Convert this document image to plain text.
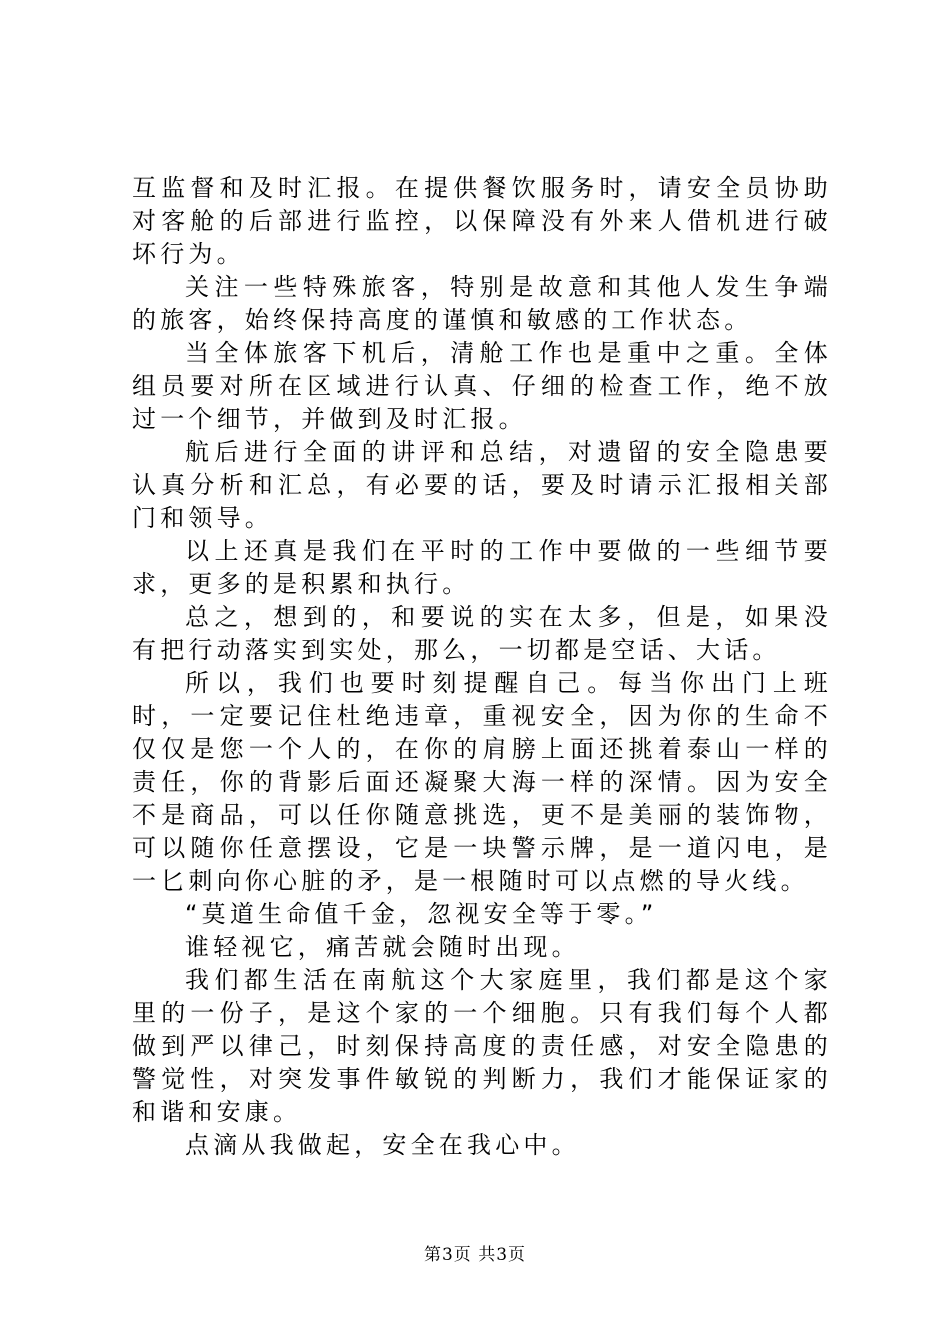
互监督和及时汇报。在提供餐饮服务时，请安全员协助对客舱的后部进行监控，以保障没有外来人借机进行破坏行为。

关注一些特殊旅客，特别是故意和其他人发生争端的旅客，始终保持高度的谨慎和敏感的工作状态。

当全体旅客下机后，清舱工作也是重中之重。全体组员要对所在区域进行认真、仔细的检查工作，绝不放过一个细节，并做到及时汇报。

航后进行全面的讲评和总结，对遗留的安全隐患要认真分析和汇总，有必要的话，要及时请示汇报相关部门和领导。

以上还真是我们在平时的工作中要做的一些细节要求，更多的是积累和执行。

总之，想到的，和要说的实在太多，但是，如果没有把行动落实到实处，那么，一切都是空话、大话。

所以，我们也要时刻提醒自己。每当你出门上班时，一定要记住杜绝违章，重视安全，因为你的生命不仅仅是您一个人的，在你的肩膀上面还挑着泰山一样的责任，你的背影后面还凝聚大海一样的深情。因为安全不是商品，可以任你随意挑选，更不是美丽的装饰物，可以随你任意摆设，它是一块警示牌，是一道闪电，是一匕刺向你心脏的矛，是一根随时可以点燃的导火线。

“莫道生命值千金，忽视安全等于零。”

谁轻视它，痛苦就会随时出现。

我们都生活在南航这个大家庭里，我们都是这个家里的一份子，是这个家的一个细胞。只有我们每个人都做到严以律己，时刻保持高度的责任感，对安全隐患的警觉性，对突发事件敏锐的判断力，我们才能保证家的和谐和安康。

点滴从我做起，安全在我心中。

第3页 共3页
